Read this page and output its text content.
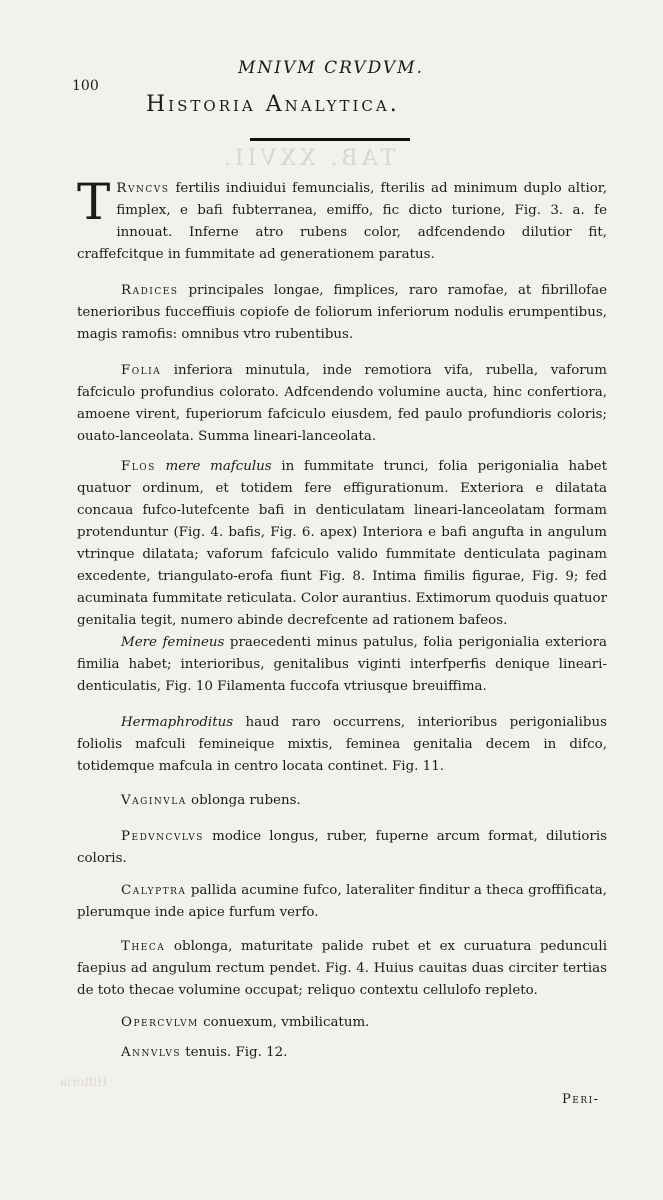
100
MNIVM CRVDVM.
Historia Analytica.
TAB. XXVII.
T Rvncvs fertilis indiuidui femuncialis, fterilis ad minimum duplo altior, fimplex, e bafi fubterranea, emiffo, fic dicto turione, Fig. 3. a. fe innouat. Inferne atro rubens color, adfcendendo dilutior fit, craffefcitque in fummitate ad generationem paratus.
Radices principales longae, fimplices, raro ramofae, at fibrillofae tenerioribus fucceffiuis copiofe de foliorum inferiorum nodulis erumpentibus, magis ramofis: omnibus vtro rubentibus.
Folia inferiora minutula, inde remotiora vifa, rubella, vaforum fafciculo profundius colorato. Adfcendendo volumine aucta, hinc confertiora, amoene virent, fuperiorum fafciculo eiusdem, fed paulo profundioris coloris; ouato-lanceolata. Summa lineari-lanceolata.
Flos mere mafculus in fummitate trunci, folia perigonialia habet quatuor ordinum, et totidem fere effigurationum. Exteriora e dilatata concaua fufco-lutefcente bafi in denticulatam lineari-lanceolatam formam protenduntur (Fig. 4. bafis, Fig. 6. apex) Interiora e bafi angufta in angulum vtrinque dilatata; vaforum fafciculo valido fummitate denticulata paginam excedente, triangulato-erofa fiunt Fig. 8. Intima fimilis figurae, Fig. 9; fed acuminata fummitate reticulata. Color aurantius. Extimorum quoduis quatuor genitalia tegit, numero abinde decrefcente ad rationem bafeos.
Mere femineus praecedenti minus patulus, folia perigonialia exteriora fimilia habet; interioribus, genitalibus viginti interfperfis denique lineari-denticulatis, Fig. 10 Filamenta fuccofa vtriusque breuiffima.
Hermaphroditus haud raro occurrens, interioribus perigonialibus foliolis mafculi femineique mixtis, feminea genitalia decem in difco, totidemque mafcula in centro locata continet. Fig. 11.
Vaginvla oblonga rubens.
Pedvncvlvs modice longus, ruber, fuperne arcum format, dilutioris coloris.
Calyptra pallida acumine fufco, lateraliter finditur a theca groffificata, plerumque inde apice furfum verfo.
Theca oblonga, maturitate palide rubet et ex curuatura pedunculi faepius ad angulum rectum pendet. Fig. 4. Huius cauitas duas circiter tertias de toto thecae volumine occupat; reliquo contextu cellulofo repleto.
Opercvlvm conuexum, vmbilicatum.
Annvlvs tenuis. Fig. 12.
Hiftoria
Peri-
